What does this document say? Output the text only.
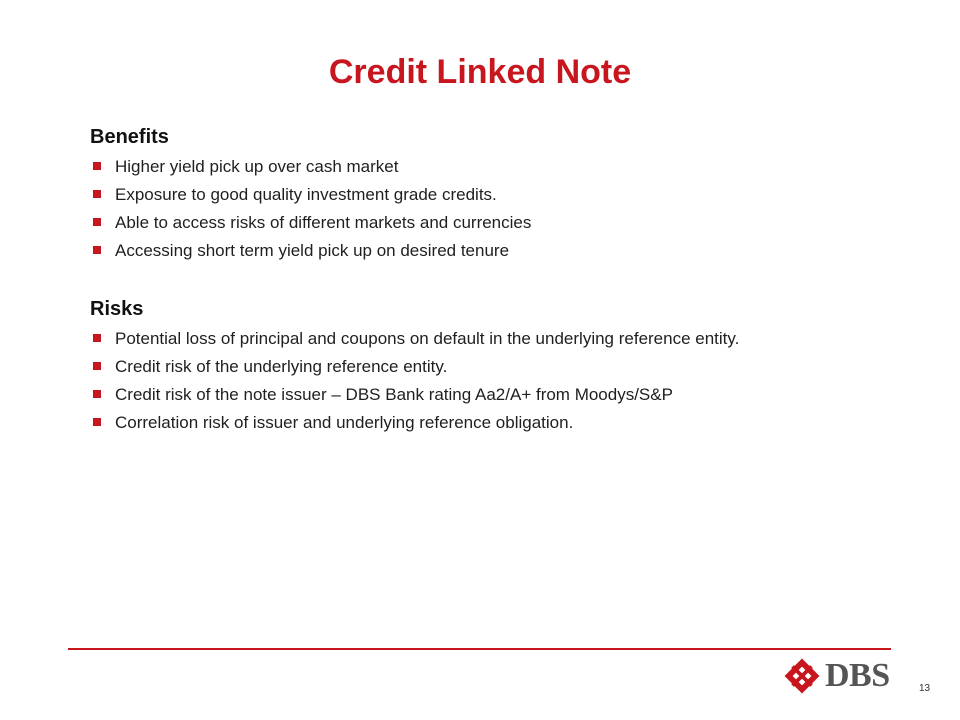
Credit Linked Note
Benefits
Higher yield pick up over cash market
Exposure to good quality investment grade credits.
Able to access risks of different markets and currencies
Accessing short term yield pick up on desired tenure
Risks
Potential loss of principal and coupons on default in the underlying reference entity.
Credit risk of the underlying reference entity.
Credit risk of the note issuer – DBS Bank rating Aa2/A+ from Moodys/S&P
Correlation risk of issuer and underlying reference obligation.
DBS	13
